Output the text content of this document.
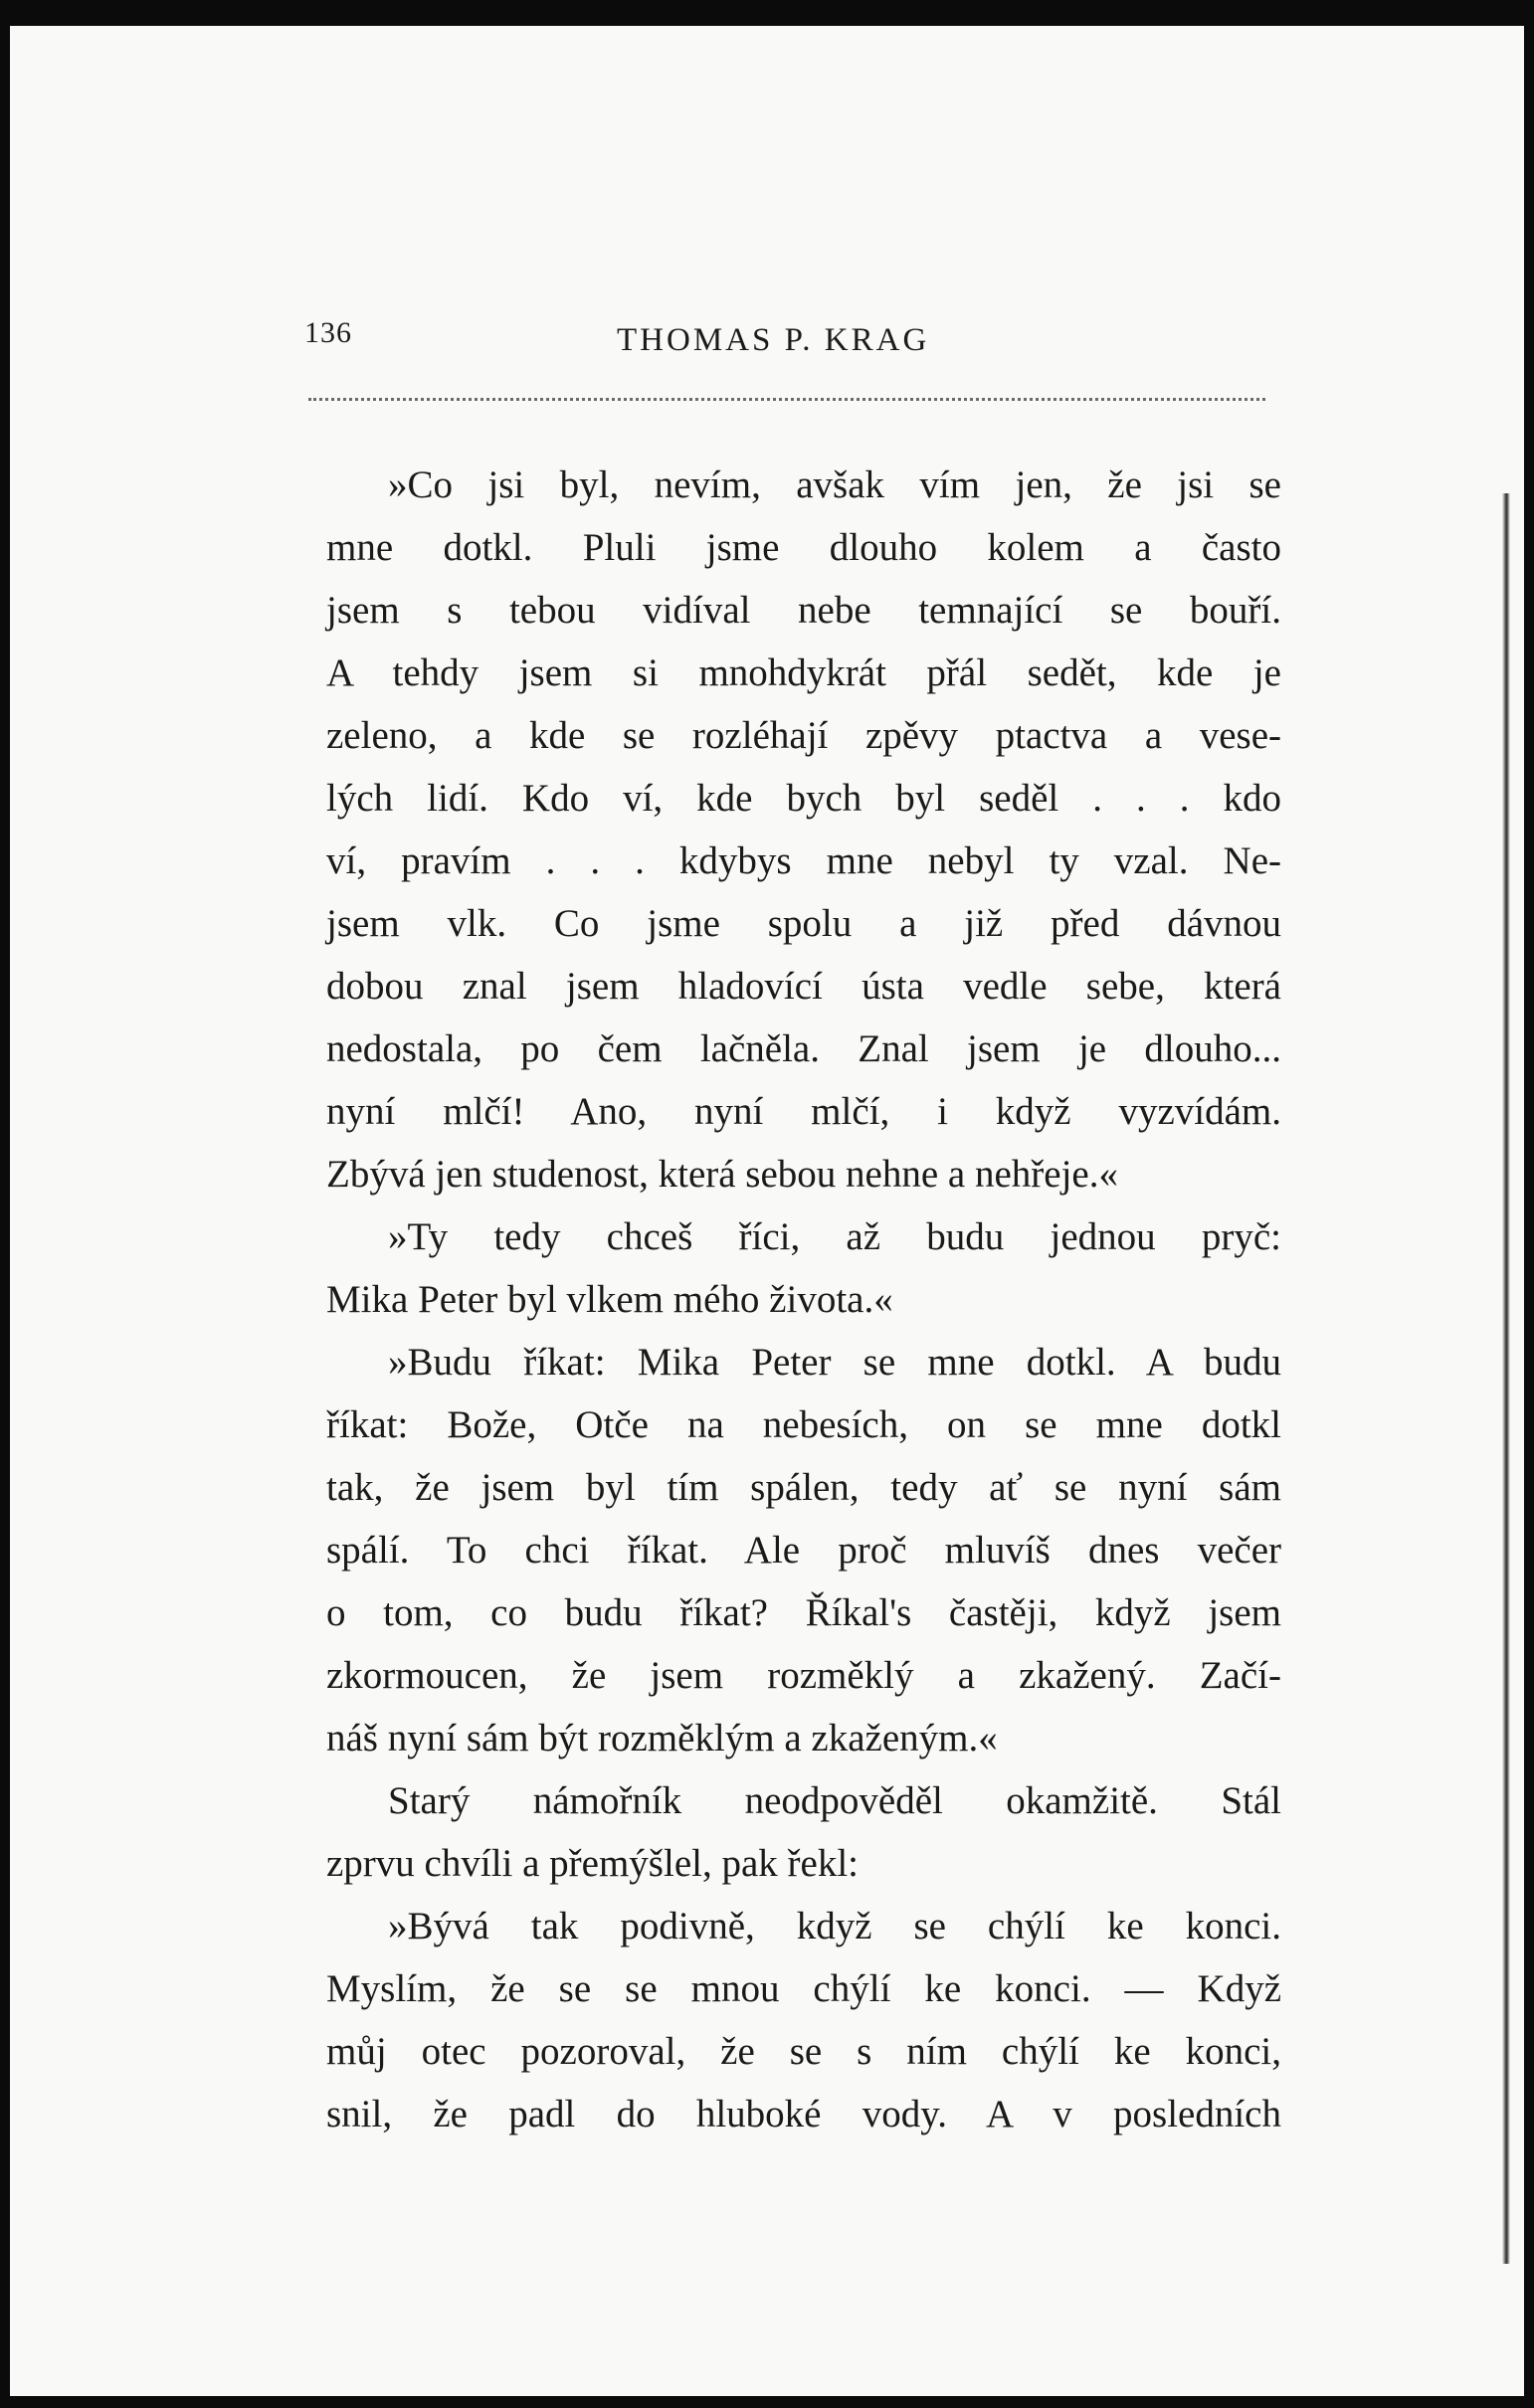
136	THOMAS P. KRAG
»Co jsi byl, nevím, avšak vím jen, že jsi se
mne dotkl. Pluli jsme dlouho kolem a často
jsem s tebou vidíval nebe temnající se bouří.
A tehdy jsem si mnohdykrát přál sedět, kde je
zeleno, a kde se rozléhají zpěvy ptactva a vese-
lých lidí. Kdo ví, kde bych byl seděl . . . kdo
ví, pravím . . . kdybys mne nebyl ty vzal. Ne-
jsem vlk. Co jsme spolu a již před dávnou
dobou znal jsem hladovící ústa vedle sebe, která
nedostala, po čem lačněla. Znal jsem je dlouho...
nyní mlčí! Ano, nyní mlčí, i když vyzvídám.
Zbývá jen studenost, která sebou nehne a nehřeje.«
»Ty tedy chceš říci, až budu jednou pryč:
Mika Peter byl vlkem mého života.«
»Budu říkat: Mika Peter se mne dotkl. A budu
říkat: Bože, Otče na nebesích, on se mne dotkl
tak, že jsem byl tím spálen, tedy ať se nyní sám
spálí. To chci říkat. Ale proč mluvíš dnes večer
o tom, co budu říkat? Říkal's častěji, když jsem
zkormoucen, že jsem rozměklý a zkažený. Začí-
náš nyní sám být rozměklým a zkaženým.«
Starý námořník neodpověděl okamžitě. Stál
zprvu chvíli a přemýšlel, pak řekl:
»Bývá tak podivně, když se chýlí ke konci.
Myslím, že se se mnou chýlí ke konci. — Když
můj otec pozoroval, že se s ním chýlí ke konci,
snil, že padl do hluboké vody. A v posledních
